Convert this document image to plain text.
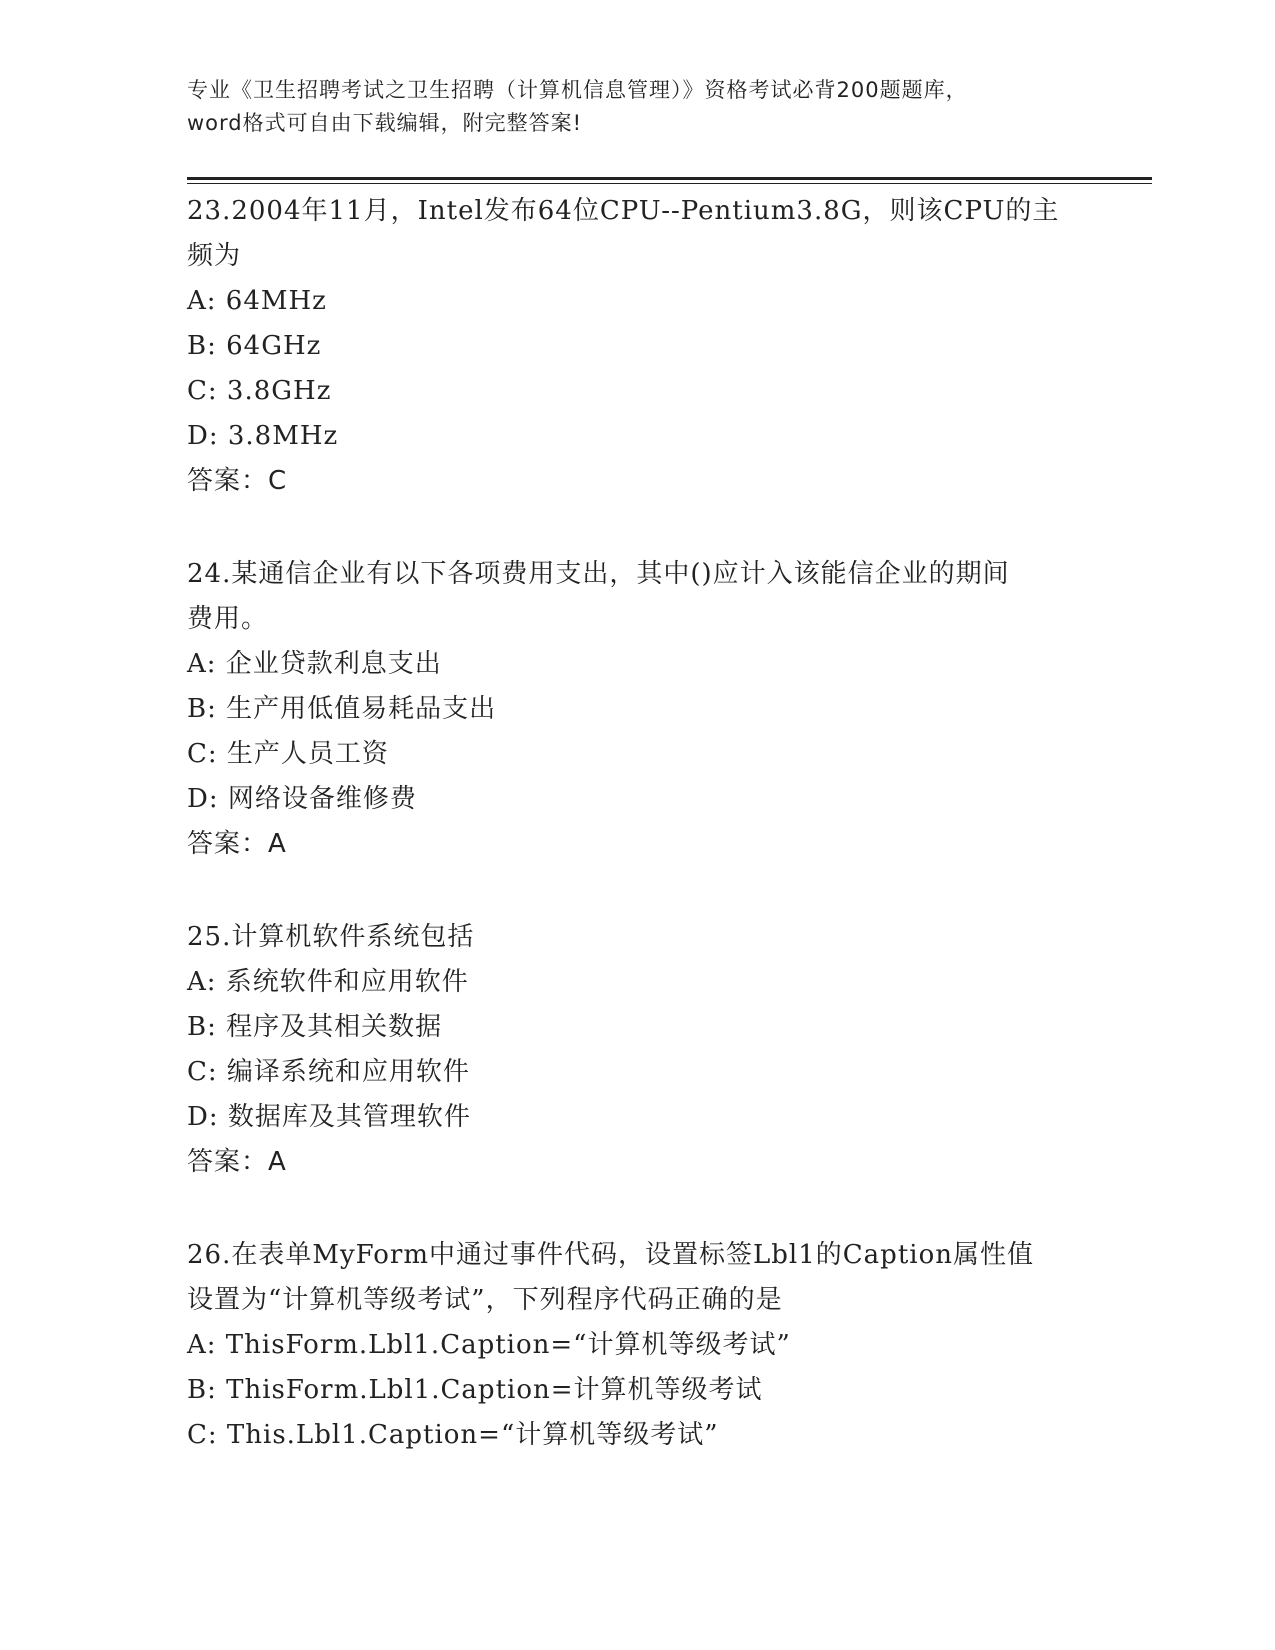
专业《卫生招聘考试之卫生招聘（计算机信息管理）》资格考试必背200题题库，
word格式可自由下载编辑，附完整答案!
23.2004年11月，Intel发布64位CPU--Pentium3.8G，则该CPU的主
频为
A: 64MHz
B: 64GHz
C: 3.8GHz
D: 3.8MHz
答案：C
24.某通信企业有以下各项费用支出，其中()应计入该能信企业的期间
费用。
A: 企业贷款利息支出
B: 生产用低值易耗品支出
C: 生产人员工资
D: 网络设备维修费
答案：A
25.计算机软件系统包括
A: 系统软件和应用软件
B: 程序及其相关数据
C: 编译系统和应用软件
D: 数据库及其管理软件
答案：A
26.在表单MyForm中通过事件代码，设置标签Lbl1的Caption属性值
设置为“计算机等级考试”，下列程序代码正确的是
A: ThisForm.Lbl1.Caption=“计算机等级考试”
B: ThisForm.Lbl1.Caption=计算机等级考试
C: This.Lbl1.Caption=“计算机等级考试”
